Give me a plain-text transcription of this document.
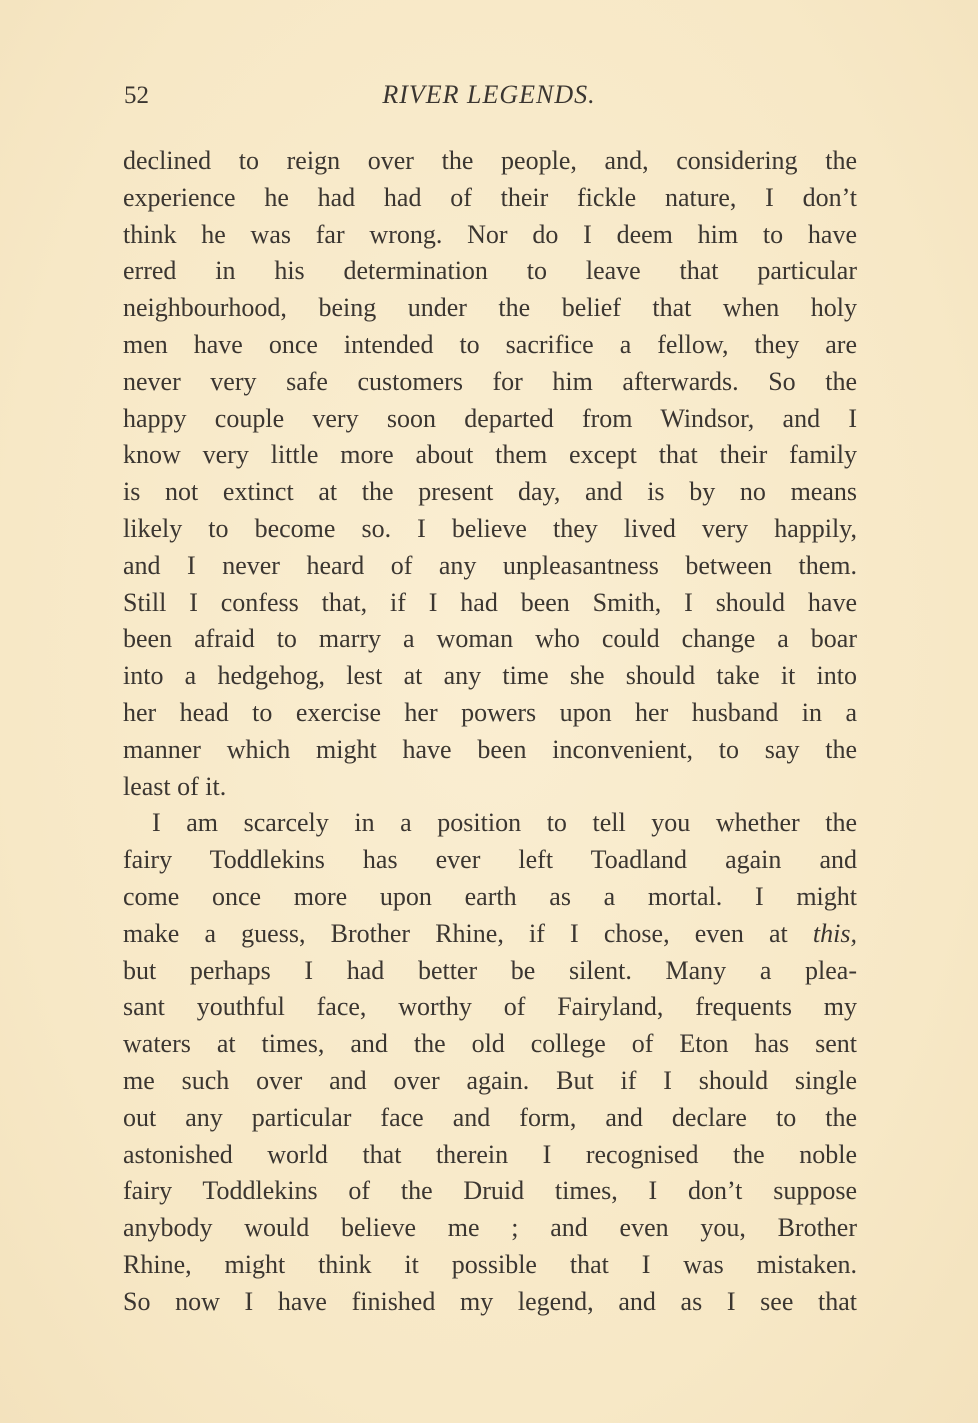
52	RIVER LEGENDS.
declined to reign over the people, and, considering the
experience he had had of their fickle nature, I don’t
think he was far wrong. Nor do I deem him to have
erred in his determination to leave that particular
neighbourhood, being under the belief that when holy
men have once intended to sacrifice a fellow, they are
never very safe customers for him afterwards. So the
happy couple very soon departed from Windsor, and I
know very little more about them except that their family
is not extinct at the present day, and is by no means
likely to become so. I believe they lived very happily,
and I never heard of any unpleasantness between them.
Still I confess that, if I had been Smith, I should have
been afraid to marry a woman who could change a boar
into a hedgehog, lest at any time she should take it into
her head to exercise her powers upon her husband in a
manner which might have been inconvenient, to say the
least of it.
I am scarcely in a position to tell you whether the
fairy Toddlekins has ever left Toadland again and
come once more upon earth as a mortal. I might
make a guess, Brother Rhine, if I chose, even at this,
but perhaps I had better be silent. Many a plea-
sant youthful face, worthy of Fairyland, frequents my
waters at times, and the old college of Eton has sent
me such over and over again. But if I should single
out any particular face and form, and declare to the
astonished world that therein I recognised the noble
fairy Toddlekins of the Druid times, I don’t suppose
anybody would believe me ; and even you, Brother
Rhine, might think it possible that I was mistaken.
So now I have finished my legend, and as I see that
